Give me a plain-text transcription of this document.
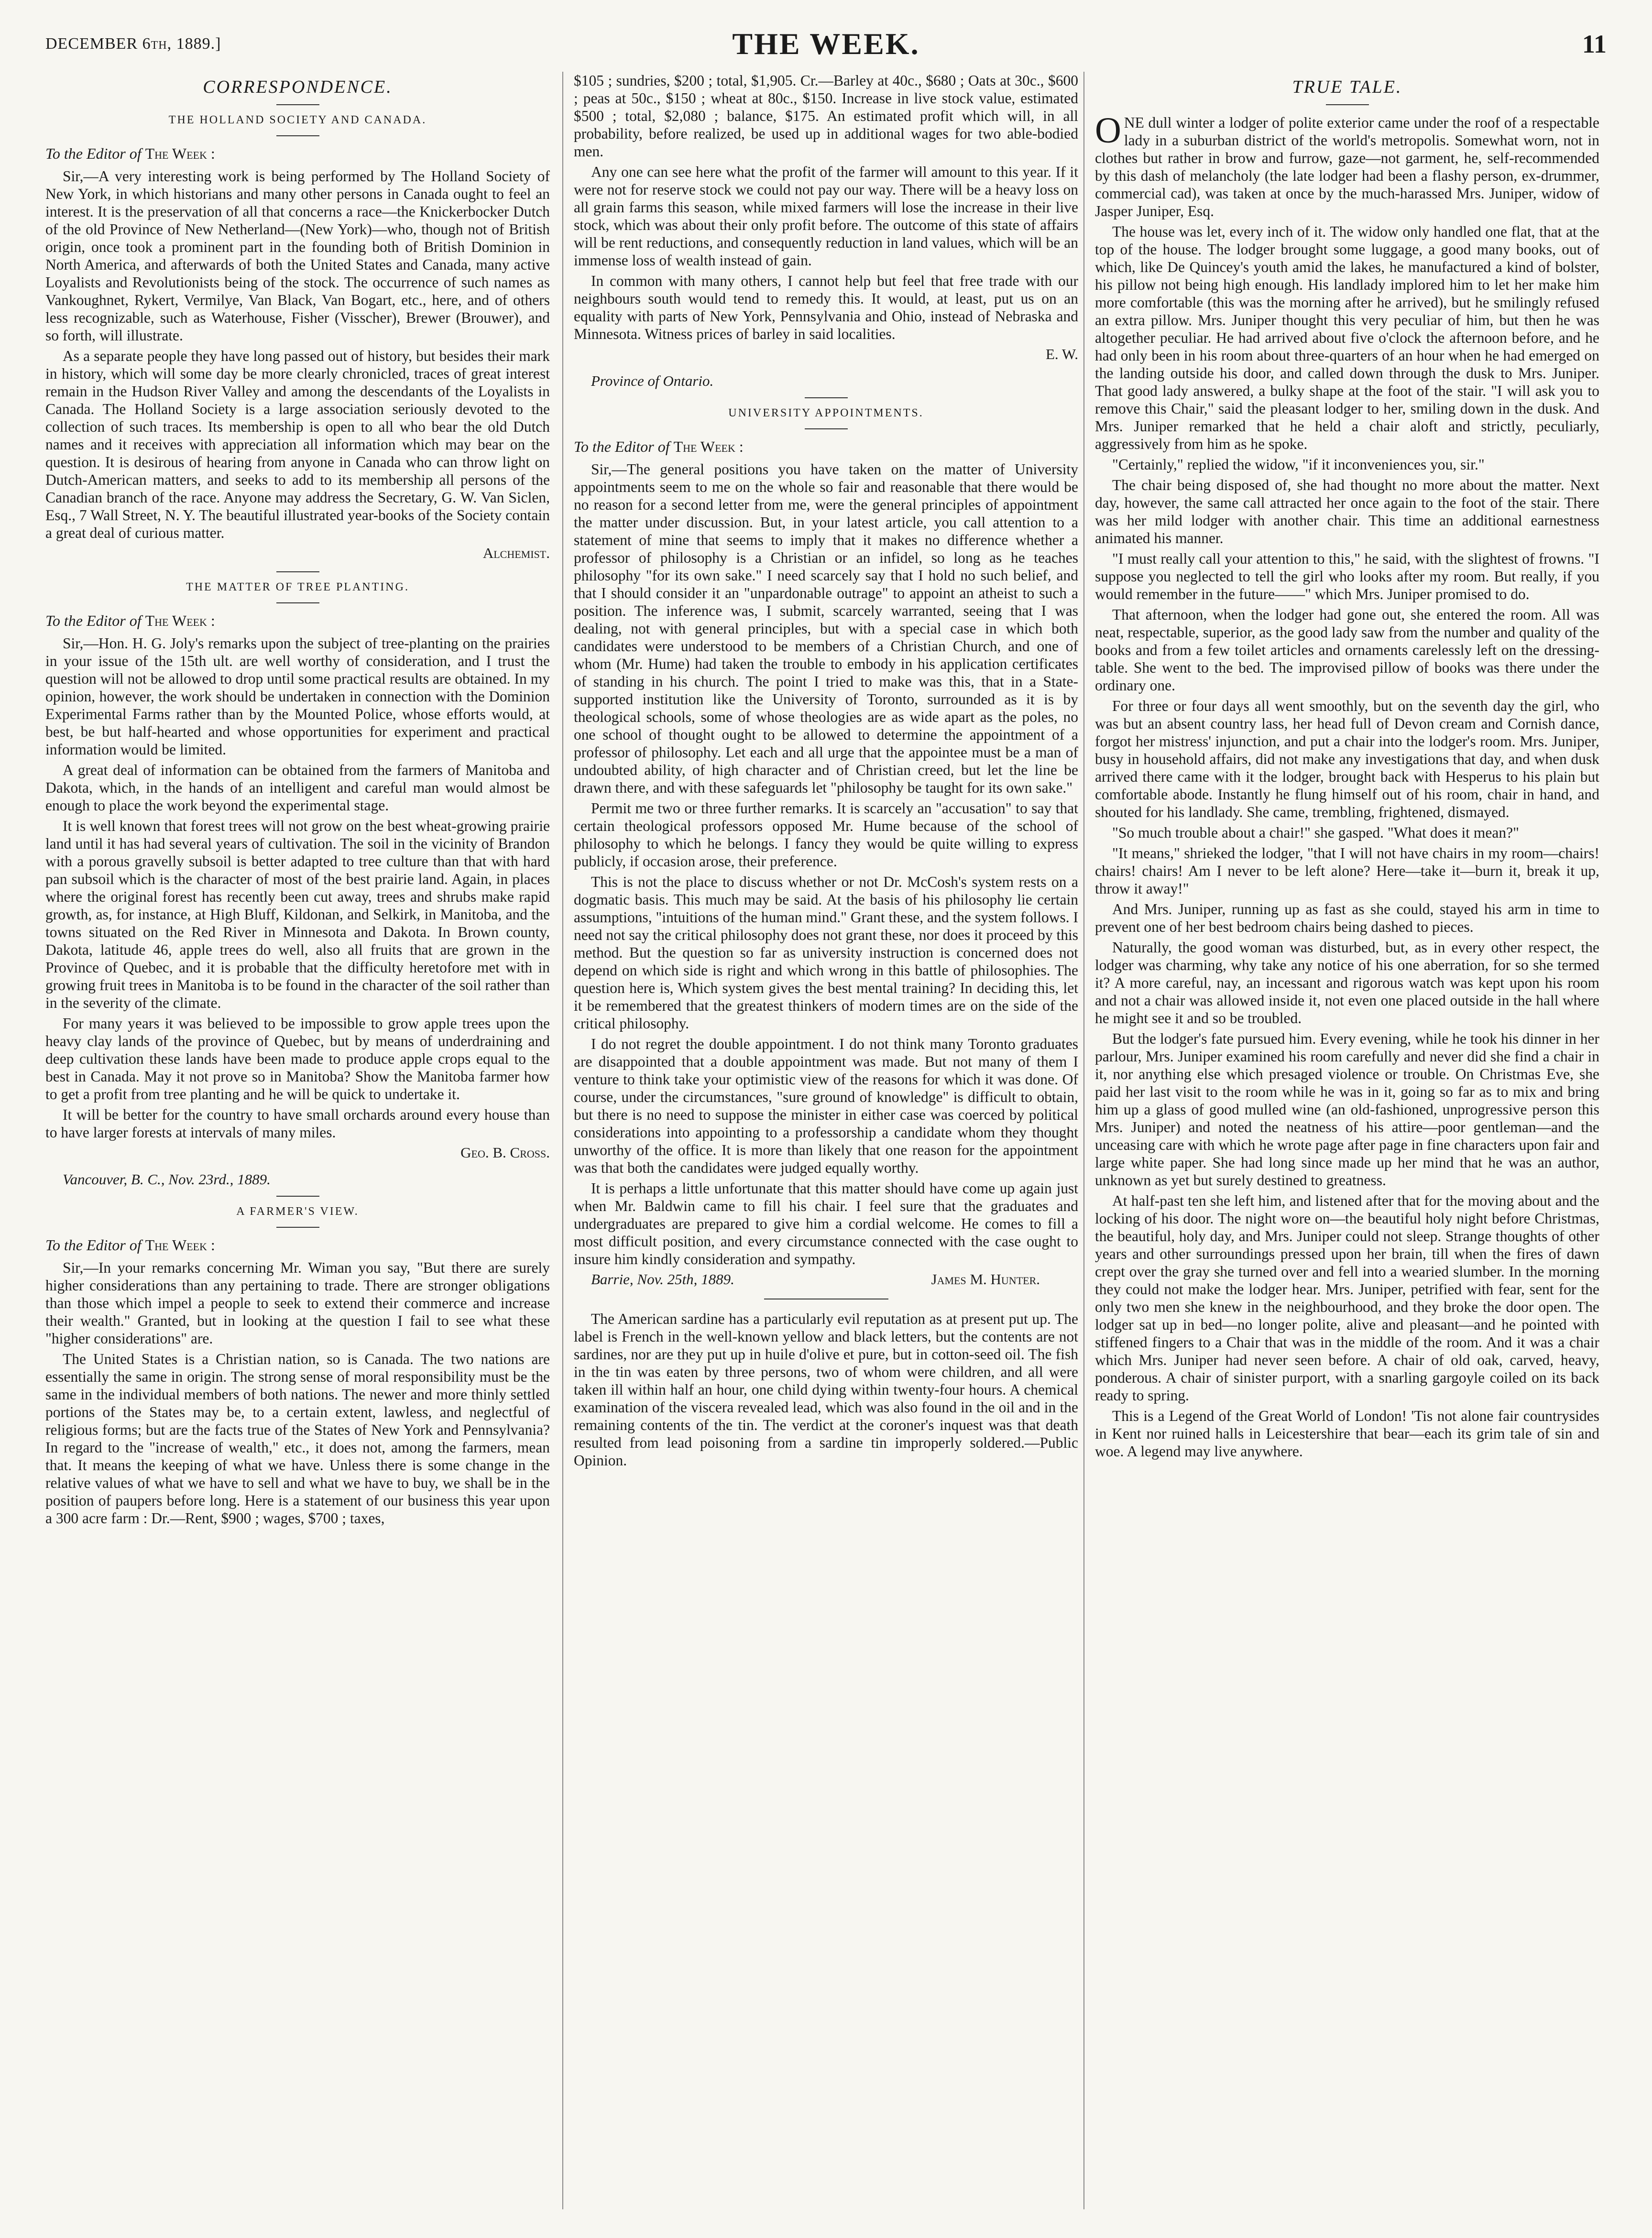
DECEMBER 6th, 1889.]	THE WEEK.	11
CORRESPONDENCE.
THE HOLLAND SOCIETY AND CANADA.
To the Editor of The Week :

Sir,—A very interesting work is being performed by The Holland Society of New York, in which historians and many other persons in Canada ought to feel an interest. It is the preservation of all that concerns a race—the Knickerbocker Dutch of the old Province of New Netherland—(New York)—who, though not of British origin, once took a prominent part in the founding both of British Dominion in North America, and afterwards of both the United States and Canada, many active Loyalists and Revolutionists being of the stock. The occurrence of such names as Vankoughnet, Rykert, Vermilye, Van Black, Van Bogart, etc., here, and of others less recognizable, such as Waterhouse, Fisher (Visscher), Brewer (Brouwer), and so forth, will illustrate.

As a separate people they have long passed out of history, but besides their mark in history, which will some day be more clearly chronicled, traces of great interest remain in the Hudson River Valley and among the descendants of the Loyalists in Canada. The Holland Society is a large association seriously devoted to the collection of such traces. Its membership is open to all who bear the old Dutch names and it receives with appreciation all information which may bear on the question. It is desirous of hearing from anyone in Canada who can throw light on Dutch-American matters, and seeks to add to its membership all persons of the Canadian branch of the race. Anyone may address the Secretary, G. W. Van Siclen, Esq., 7 Wall Street, N. Y. The beautiful illustrated year-books of the Society contain a great deal of curious matter.

Alchemist.
THE MATTER OF TREE PLANTING.
To the Editor of The Week :

Sir,—Hon. H. G. Joly's remarks upon the subject of tree-planting on the prairies in your issue of the 15th ult. are well worthy of consideration, and I trust the question will not be allowed to drop until some practical results are obtained. In my opinion, however, the work should be undertaken in connection with the Dominion Experimental Farms rather than by the Mounted Police, whose efforts would, at best, be but half-hearted and whose opportunities for experiment and practical information would be limited.

A great deal of information can be obtained from the farmers of Manitoba and Dakota, which, in the hands of an intelligent and careful man would almost be enough to place the work beyond the experimental stage.

It is well known that forest trees will not grow on the best wheat-growing prairie land until it has had several years of cultivation. The soil in the vicinity of Brandon with a porous gravelly subsoil is better adapted to tree culture than that with hard pan subsoil which is the character of most of the best prairie land. Again, in places where the original forest has recently been cut away, trees and shrubs make rapid growth, as, for instance, at High Bluff, Kildonan, and Selkirk, in Manitoba, and the towns situated on the Red River in Minnesota and Dakota. In Brown county, Dakota, latitude 46, apple trees do well, also all fruits that are grown in the Province of Quebec, and it is probable that the difficulty heretofore met with in growing fruit trees in Manitoba is to be found in the character of the soil rather than in the severity of the climate.

For many years it was believed to be impossible to grow apple trees upon the heavy clay lands of the province of Quebec, but by means of underdraining and deep cultivation these lands have been made to produce apple crops equal to the best in Canada. May it not prove so in Manitoba? Show the Manitoba farmer how to get a profit from tree planting and he will be quick to undertake it.

It will be better for the country to have small orchards around every house than to have larger forests at intervals of many miles.

Geo. B. Cross.
Vancouver, B. C., Nov. 23rd., 1889.
A FARMER'S VIEW.
To the Editor of The Week :

Sir,—In your remarks concerning Mr. Wiman you say, "But there are surely higher considerations than any pertaining to trade. There are stronger obligations than those which impel a people to seek to extend their commerce and increase their wealth." Granted, but in looking at the question I fail to see what these "higher considerations" are.

The United States is a Christian nation, so is Canada. The two nations are essentially the same in origin. The strong sense of moral responsibility must be the same in the individual members of both nations. The newer and more thinly settled portions of the States may be, to a certain extent, lawless, and neglectful of religious forms; but are the facts true of the States of New York and Pennsylvania? In regard to the "increase of wealth," etc., it does not, among the farmers, mean that. It means the keeping of what we have. Unless there is some change in the relative values of what we have to sell and what we have to buy, we shall be in the position of paupers before long. Here is a statement of our business this year upon a 300 acre farm : Dr.—Rent, $900 ; wages, $700 ; taxes,

$105 ; sundries, $200 ; total, $1,905. Cr.—Barley at 40c., $680 ; Oats at 30c., $600 ; peas at 50c., $150 ; wheat at 80c., $150. Increase in live stock value, estimated $500 ; total, $2,080 ; balance, $175. An estimated profit which will, in all probability, before realized, be used up in additional wages for two able-bodied men.

Any one can see here what the profit of the farmer will amount to this year. If it were not for reserve stock we could not pay our way. There will be a heavy loss on all grain farms this season, while mixed farmers will lose the increase in their live stock, which was about their only profit before. The outcome of this state of affairs will be rent reductions, and consequently reduction in land values, which will be an immense loss of wealth instead of gain.

In common with many others, I cannot help but feel that free trade with our neighbours south would tend to remedy this. It would, at least, put us on an equality with parts of New York, Pennsylvania and Ohio, instead of Nebraska and Minnesota. Witness prices of barley in said localities.

E. W.
Province of Ontario.
UNIVERSITY APPOINTMENTS.
To the Editor of The Week :

Sir,—The general positions you have taken on the matter of University appointments seem to me on the whole so fair and reasonable that there would be no reason for a second letter from me, were the general principles of appointment the matter under discussion. But, in your latest article, you call attention to a statement of mine that seems to imply that it makes no difference whether a professor of philosophy is a Christian or an infidel, so long as he teaches philosophy "for its own sake." I need scarcely say that I hold no such belief, and that I should consider it an "unpardonable outrage" to appoint an atheist to such a position. The inference was, I submit, scarcely warranted, seeing that I was dealing, not with general principles, but with a special case in which both candidates were understood to be members of a Christian Church, and one of whom (Mr. Hume) had taken the trouble to embody in his application certificates of standing in his church. The point I tried to make was this, that in a State-supported institution like the University of Toronto, surrounded as it is by theological schools, some of whose theologies are as wide apart as the poles, no one school of thought ought to be allowed to determine the appointment of a professor of philosophy. Let each and all urge that the appointee must be a man of undoubted ability, of high character and of Christian creed, but let the line be drawn there, and with these safeguards let "philosophy be taught for its own sake."

Permit me two or three further remarks. It is scarcely an "accusation" to say that certain theological professors opposed Mr. Hume because of the school of philosophy to which he belongs. I fancy they would be quite willing to express publicly, if occasion arose, their preference.

This is not the place to discuss whether or not Dr. McCosh's system rests on a dogmatic basis. This much may be said. At the basis of his philosophy lie certain assumptions, "intuitions of the human mind." Grant these, and the system follows. I need not say the critical philosophy does not grant these, nor does it proceed by this method. But the question so far as university instruction is concerned does not depend on which side is right and which wrong in this battle of philosophies. The question here is, Which system gives the best mental training? In deciding this, let it be remembered that the greatest thinkers of modern times are on the side of the critical philosophy.

I do not regret the double appointment. I do not think many Toronto graduates are disappointed that a double appointment was made. But not many of them I venture to think take your optimistic view of the reasons for which it was done. Of course, under the circumstances, "sure ground of knowledge" is difficult to obtain, but there is no need to suppose the minister in either case was coerced by political considerations into appointing to a professorship a candidate whom they thought unworthy of the office. It is more than likely that one reason for the appointment was that both the candidates were judged equally worthy.

It is perhaps a little unfortunate that this matter should have come up again just when Mr. Baldwin came to fill his chair. I feel sure that the graduates and undergraduates are prepared to give him a cordial welcome. He comes to fill a most difficult position, and every circumstance connected with the case ought to insure him kindly consideration and sympathy.

Barrie, Nov. 25th, 1889.	James M. Hunter.

The American sardine has a particularly evil reputation as at present put up. The label is French in the well-known yellow and black letters, but the contents are not sardines, nor are they put up in huile d'olive et pure, but in cotton-seed oil. The fish in the tin was eaten by three persons, two of whom were children, and all were taken ill within half an hour, one child dying within twenty-four hours. A chemical examination of the viscera revealed lead, which was also found in the oil and in the remaining contents of the tin. The verdict at the coroner's inquest was that death resulted from lead poisoning from a sardine tin improperly soldered.—Public Opinion.

TRUE TALE.

ONE dull winter a lodger of polite exterior came under the roof of a respectable lady in a suburban district of the world's metropolis. Somewhat worn, not in clothes but rather in brow and furrow, gaze—not garment, he, self-recommended by this dash of melancholy (the late lodger had been a flashy person, ex-drummer, commercial cad), was taken at once by the much-harassed Mrs. Juniper, widow of Jasper Juniper, Esq.

The house was let, every inch of it. The widow only handled one flat, that at the top of the house. The lodger brought some luggage, a good many books, out of which, like De Quincey's youth amid the lakes, he manufactured a kind of bolster, his pillow not being high enough. His landlady implored him to let her make him more comfortable (this was the morning after he arrived), but he smilingly refused an extra pillow. Mrs. Juniper thought this very peculiar of him, but then he was altogether peculiar. He had arrived about five o'clock the afternoon before, and he had only been in his room about three-quarters of an hour when he had emerged on the landing outside his door, and called down through the dusk to Mrs. Juniper. That good lady answered, a bulky shape at the foot of the stair. "I will ask you to remove this Chair," said the pleasant lodger to her, smiling down in the dusk. And Mrs. Juniper remarked that he held a chair aloft and strictly, peculiarly, aggressively from him as he spoke.

"Certainly," replied the widow, "if it inconveniences you, sir."

The chair being disposed of, she had thought no more about the matter. Next day, however, the same call attracted her once again to the foot of the stair. There was her mild lodger with another chair. This time an additional earnestness animated his manner.

"I must really call your attention to this," he said, with the slightest of frowns. "I suppose you neglected to tell the girl who looks after my room. But really, if you would remember in the future——" which Mrs. Juniper promised to do.

That afternoon, when the lodger had gone out, she entered the room. All was neat, respectable, superior, as the good lady saw from the number and quality of the books and from a few toilet articles and ornaments carelessly left on the dressing-table. She went to the bed. The improvised pillow of books was there under the ordinary one.

For three or four days all went smoothly, but on the seventh day the girl, who was but an absent country lass, her head full of Devon cream and Cornish dance, forgot her mistress' injunction, and put a chair into the lodger's room. Mrs. Juniper, busy in household affairs, did not make any investigations that day, and when dusk arrived there came with it the lodger, brought back with Hesperus to his plain but comfortable abode. Instantly he flung himself out of his room, chair in hand, and shouted for his landlady. She came, trembling, frightened, dismayed.

"So much trouble about a chair!" she gasped. "What does it mean?"

"It means," shrieked the lodger, "that I will not have chairs in my room—chairs! chairs! chairs! Am I never to be left alone? Here—take it—burn it, break it up, throw it away!"

And Mrs. Juniper, running up as fast as she could, stayed his arm in time to prevent one of her best bedroom chairs being dashed to pieces.

Naturally, the good woman was disturbed, but, as in every other respect, the lodger was charming, why take any notice of his one aberration, for so she termed it? A more careful, nay, an incessant and rigorous watch was kept upon his room and not a chair was allowed inside it, not even one placed outside in the hall where he might see it and so be troubled.

But the lodger's fate pursued him. Every evening, while he took his dinner in her parlour, Mrs. Juniper examined his room carefully and never did she find a chair in it, nor anything else which presaged violence or trouble. On Christmas Eve, she paid her last visit to the room while he was in it, going so far as to mix and bring him up a glass of good mulled wine (an old-fashioned, unprogressive person this Mrs. Juniper) and noted the neatness of his attire—poor gentleman—and the unceasing care with which he wrote page after page in fine characters upon fair and large white paper. She had long since made up her mind that he was an author, unknown as yet but surely destined to greatness.

At half-past ten she left him, and listened after that for the moving about and the locking of his door. The night wore on—the beautiful holy night before Christmas, the beautiful, holy day, and Mrs. Juniper could not sleep. Strange thoughts of other years and other surroundings pressed upon her brain, till when the fires of dawn crept over the gray she turned over and fell into a wearied slumber. In the morning they could not make the lodger hear. Mrs. Juniper, petrified with fear, sent for the only two men she knew in the neighbourhood, and they broke the door open. The lodger sat up in bed—no longer polite, alive and pleasant—and he pointed with stiffened fingers to a Chair that was in the middle of the room. And it was a chair which Mrs. Juniper had never seen before. A chair of old oak, carved, heavy, ponderous. A chair of sinister purport, with a snarling gargoyle coiled on its back ready to spring.

This is a Legend of the Great World of London! 'Tis not alone fair countrysides in Kent nor ruined halls in Leicestershire that bear—each its grim tale of sin and woe. A legend may live anywhere.
